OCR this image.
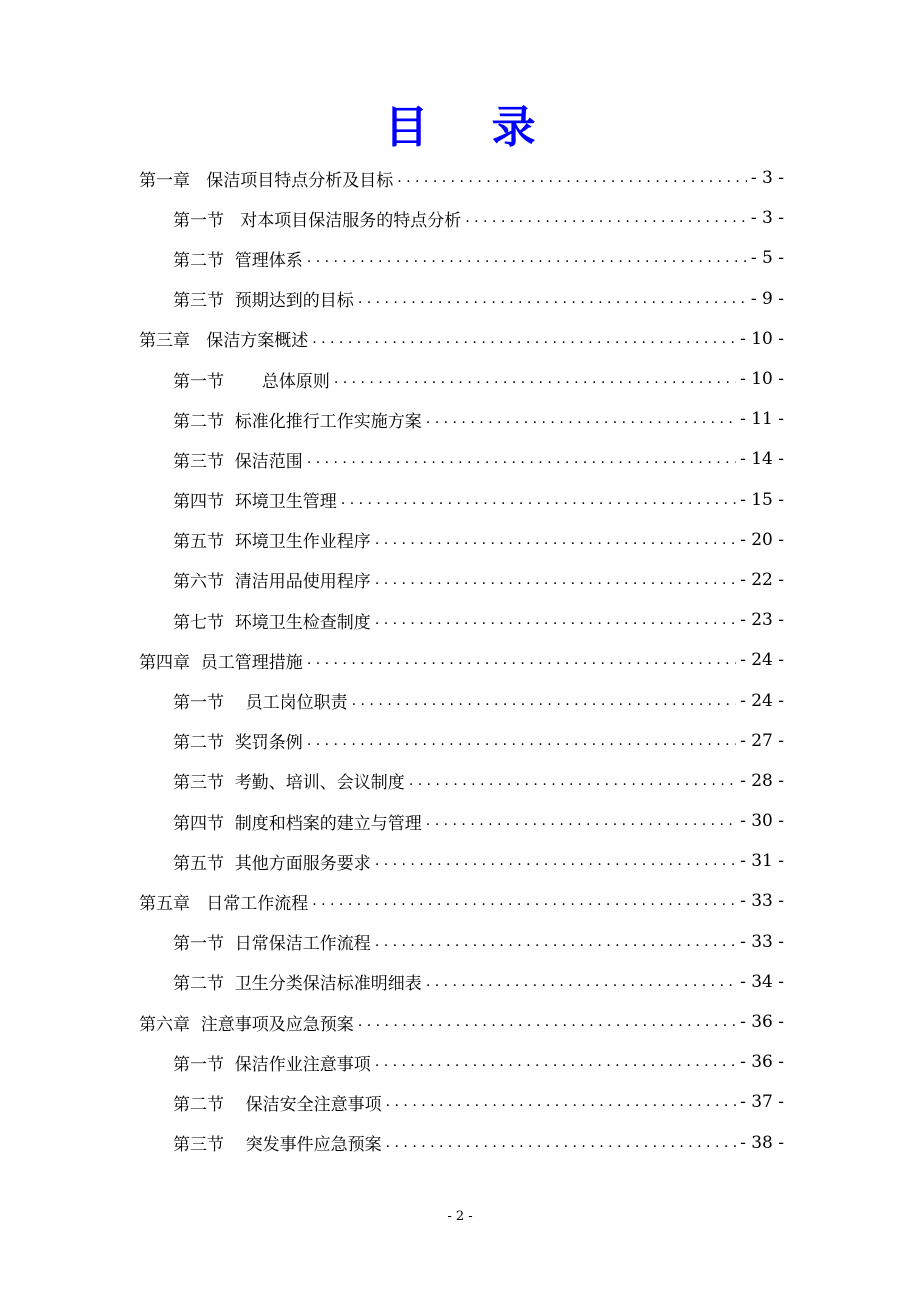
目 录
第一章   保洁项目特点分析及目标 . . .	- 3 -
第一节   对本项目保洁服务的特点分析 . . .	- 3 -
第二节  管理体系 . . .	- 5 -
第三节  预期达到的目标 . . .	- 9 -
第三章   保洁方案概述 . . .	- 10 -
第一节       总体原则 . . .	- 10 -
第二节  标准化推行工作实施方案 . . .	- 11 -
第三节  保洁范围 . . .	- 14 -
第四节  环境卫生管理 . . .	- 15 -
第五节  环境卫生作业程序 . . .	- 20 -
第六节  清洁用品使用程序 . . .	- 22 -
第七节  环境卫生检查制度 . . .	- 23 -
第四章  员工管理措施 . . .	- 24 -
第一节    员工岗位职责 . . .	- 24 -
第二节  奖罚条例 . . .	- 27 -
第三节  考勤、培训、会议制度 . . .	- 28 -
第四节  制度和档案的建立与管理 . . .	- 30 -
第五节  其他方面服务要求 . . .	- 31 -
第五章   日常工作流程 . . .	- 33 -
第一节  日常保洁工作流程 . . .	- 33 -
第二节  卫生分类保洁标准明细表 . . .	- 34 -
第六章  注意事项及应急预案 . . .	- 36 -
第一节  保洁作业注意事项 . . .	- 36 -
第二节    保洁安全注意事项 . . .	- 37 -
第三节    突发事件应急预案 . . .	- 38 -
- 2 -
